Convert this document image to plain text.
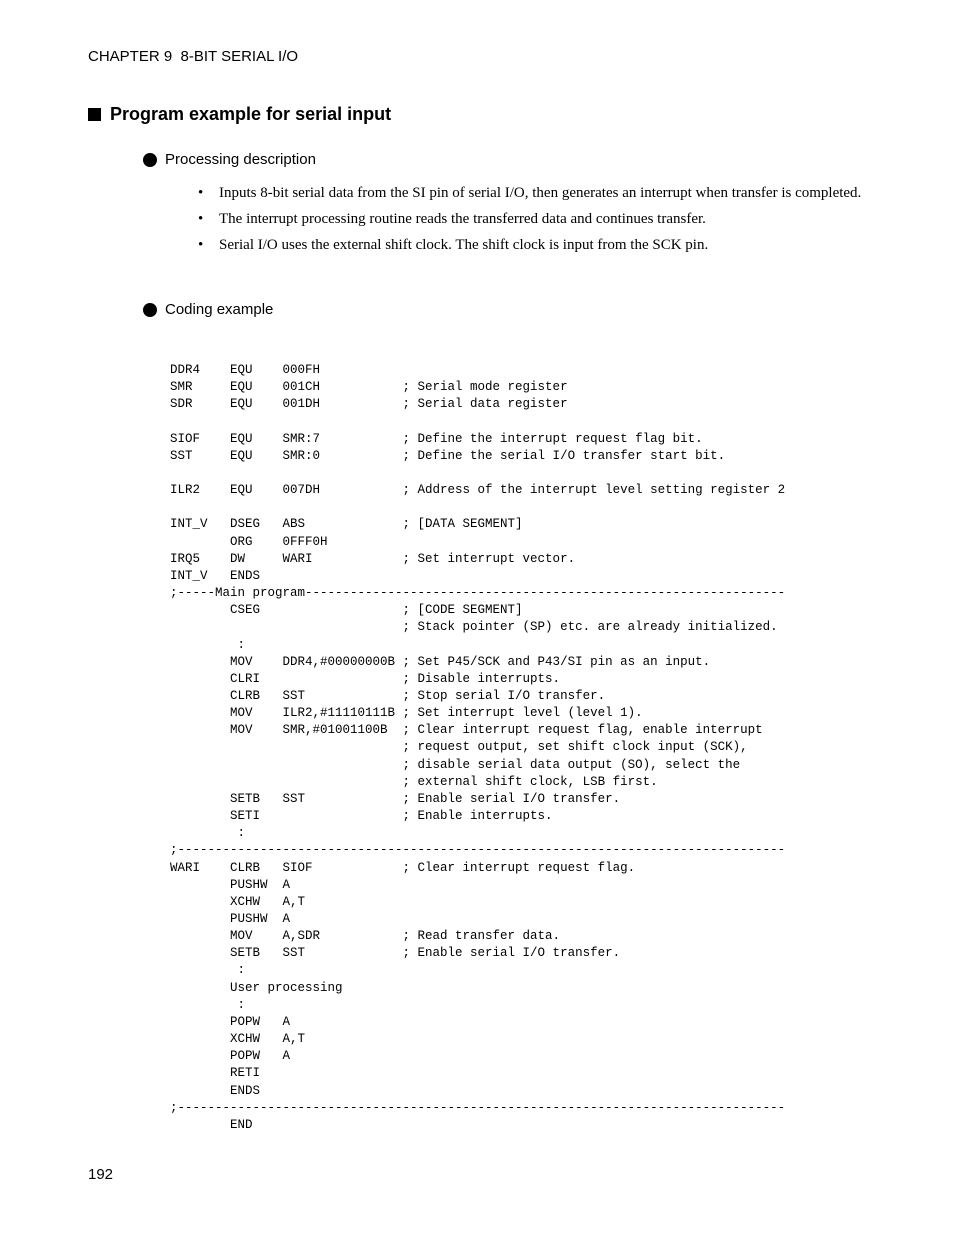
CHAPTER 9  8-BIT SERIAL I/O
Program example for serial input
Processing description
• Inputs 8-bit serial data from the SI pin of serial I/O, then generates an interrupt when transfer is completed.
• The interrupt processing routine reads the transferred data and continues transfer.
• Serial I/O uses the external shift clock. The shift clock is input from the SCK pin.
Coding example
DDR4    EQU    000FH
SMR     EQU    001CH           ; Serial mode register
SDR     EQU    001DH           ; Serial data register

SIOF    EQU    SMR:7           ; Define the interrupt request flag bit.
SST     EQU    SMR:0           ; Define the serial I/O transfer start bit.

ILR2    EQU    007DH           ; Address of the interrupt level setting register 2

INT_V   DSEG   ABS             ; [DATA SEGMENT]
ORG    0FFF0H
IRQ5    DW     WARI            ; Set interrupt vector.
INT_V   ENDS
;-----Main program----------------------------------------------------------------
CSEG                   ; [CODE SEGMENT]
; Stack pointer (SP) etc. are already initialized.
:
MOV    DDR4,#00000000B ; Set P45/SCK and P43/SI pin as an input.
CLRI                   ; Disable interrupts.
CLRB   SST             ; Stop serial I/O transfer.
MOV    ILR2,#11110111B ; Set interrupt level (level 1).
MOV    SMR,#01001100B  ; Clear interrupt request flag, enable interrupt
; request output, set shift clock input (SCK),
; disable serial data output (SO), select the
; external shift clock, LSB first.
SETB   SST             ; Enable serial I/O transfer.
SETI                   ; Enable interrupts.
:
;---------------------------------------------------------------------------------
WARI    CLRB   SIOF            ; Clear interrupt request flag.
PUSHW  A
XCHW   A,T
PUSHW  A
MOV    A,SDR           ; Read transfer data.
SETB   SST             ; Enable serial I/O transfer.
:
User processing
:
POPW   A
XCHW   A,T
POPW   A
RETI
ENDS
;---------------------------------------------------------------------------------
END
192
